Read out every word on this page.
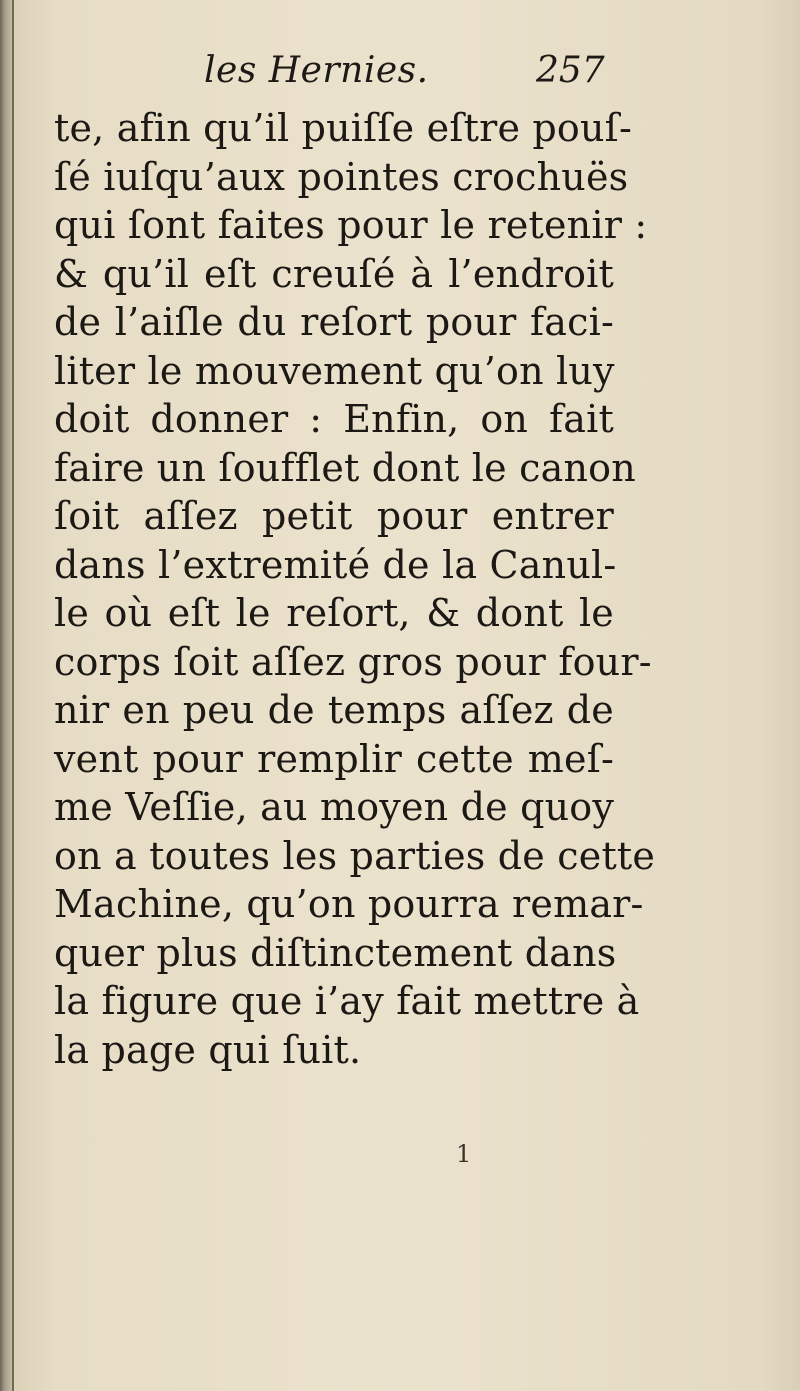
les Hernies.	257
te, afin qu’il puiſſe eſtre pouſ-
ſé iuſqu’aux pointes crochuës
qui ſont faites pour le retenir :
& qu’il eſt creuſé à l’endroit
de l’aiſle du reſort pour faci-
liter le mouvement qu’on luy
doit donner : Enfin, on fait
faire un ſoufflet dont le canon
ſoit aſſez petit pour entrer
dans l’extremité de la Canul-
le où eſt le reſort, & dont le
corps ſoit aſſez gros pour four-
nir en peu de temps aſſez de
vent pour remplir cette meſ-
me Veſſie, au moyen de quoy
on a toutes les parties de cette
Machine, qu’on pourra remar-
quer plus diſtinctement dans
la figure que i’ay fait mettre à
la page qui ſuit.
1
